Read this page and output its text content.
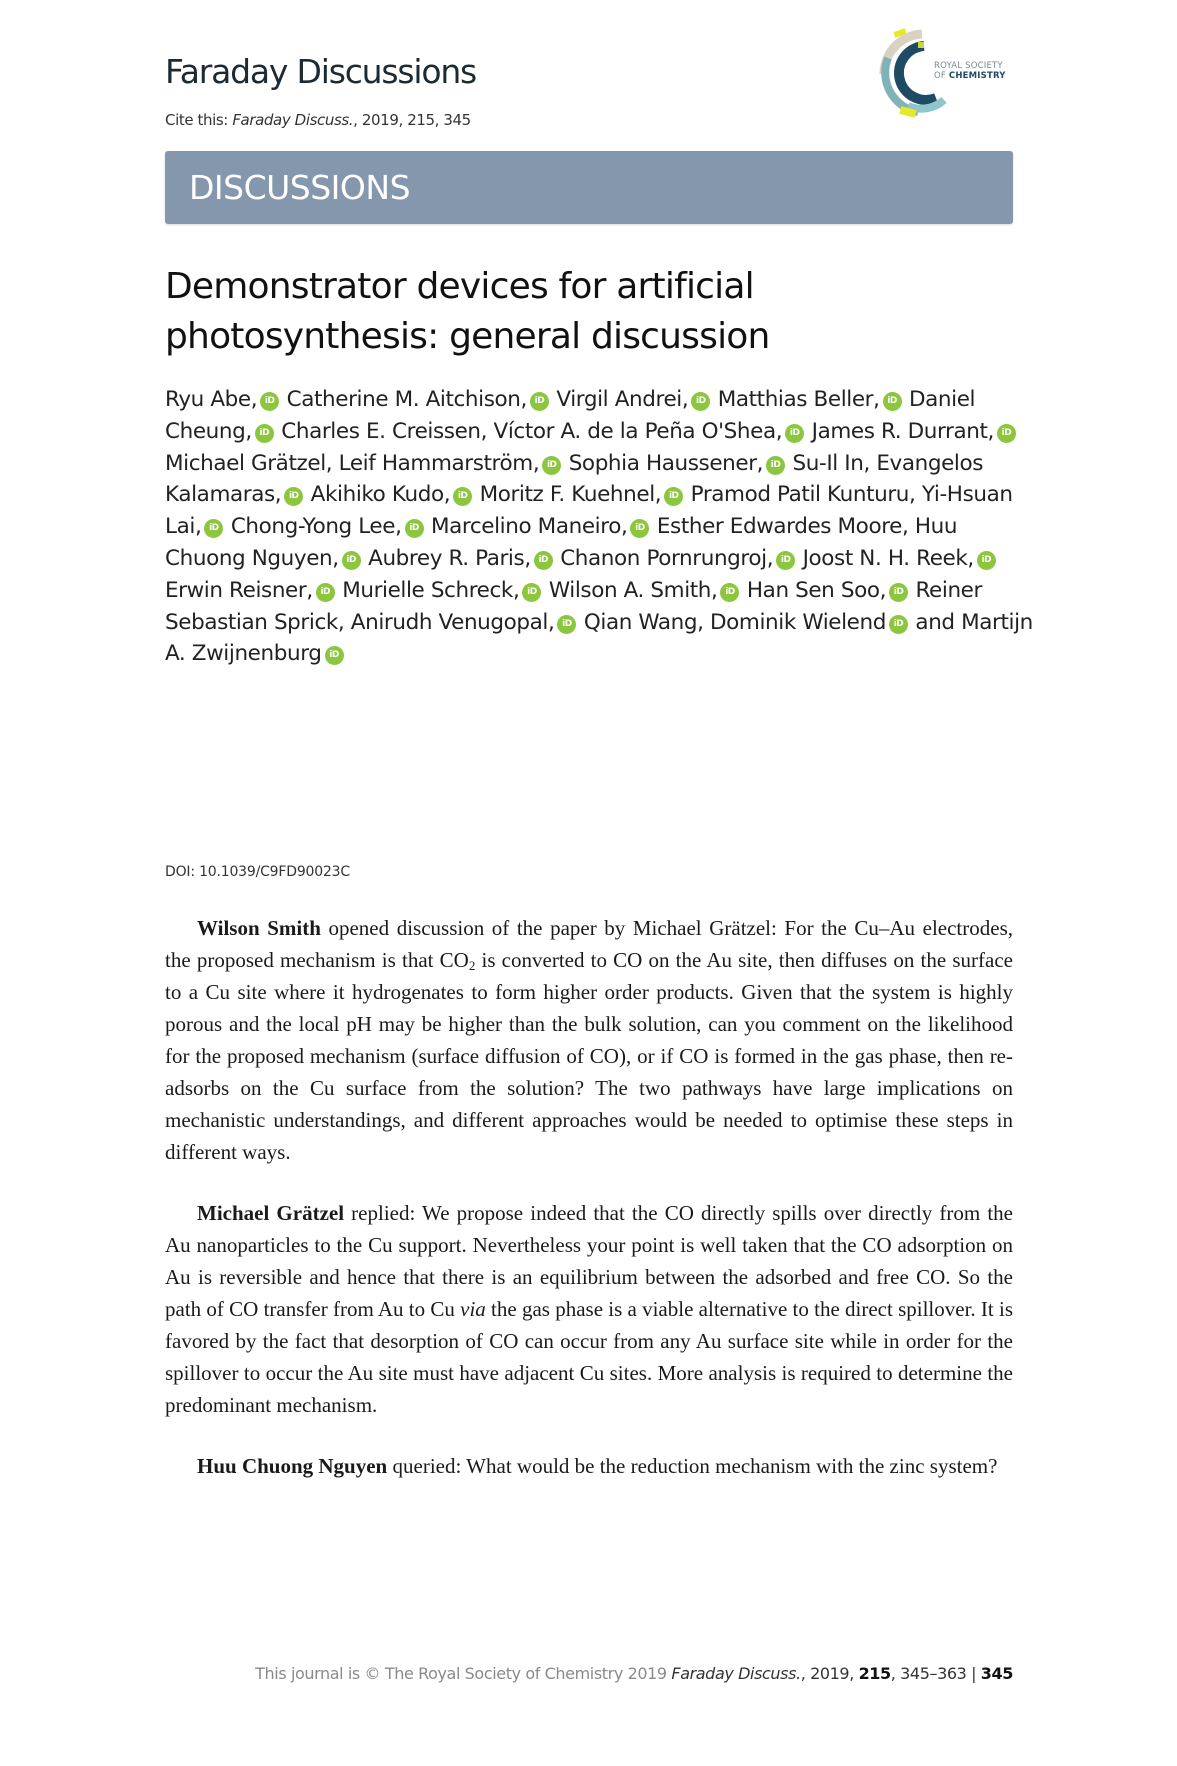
Faraday Discussions
Cite this: Faraday Discuss., 2019, 215, 345
ROYAL SOCIETY
OF CHEMISTRY
DISCUSSIONS
Demonstrator devices for artificial photosynthesis: general discussion
Ryu Abe, iD Catherine M. Aitchison, iD Virgil Andrei, iD Matthias Beller, iD Daniel Cheung, iD Charles E. Creissen, Víctor A. de la Peña O'Shea, iD James R. Durrant, iD Michael Grätzel, Leif Hammarström, iD Sophia Haussener, iD Su-Il In, Evangelos Kalamaras, iD Akihiko Kudo, iD Moritz F. Kuehnel, iD Pramod Patil Kunturu, Yi-Hsuan Lai, iD Chong-Yong Lee, iD Marcelino Maneiro, iD Esther Edwardes Moore, Huu Chuong Nguyen, iD Aubrey R. Paris, iD Chanon Pornrungroj, iD Joost N. H. Reek, iD Erwin Reisner, iD Murielle Schreck, iD Wilson A. Smith, iD Han Sen Soo, iD Reiner Sebastian Sprick, Anirudh Venugopal, iD Qian Wang, Dominik Wielend iD and Martijn A. Zwijnenburg iD
DOI: 10.1039/C9FD90023C

Wilson Smith opened discussion of the paper by Michael Grätzel: For the Cu–Au electrodes, the proposed mechanism is that $CO_2$ is converted to CO on the Au site, then diffuses on the surface to a Cu site where it hydrogenates to form higher order products. Given that the system is highly porous and the local pH may be higher than the bulk solution, can you comment on the likelihood for the proposed mechanism (surface diffusion of CO), or if CO is formed in the gas phase, then re-adsorbs on the Cu surface from the solution? The two pathways have large implications on mechanistic understandings, and different approaches would be needed to optimise these steps in different ways.

Michael Grätzel replied: We propose indeed that the CO directly spills over directly from the Au nanoparticles to the Cu support. Nevertheless your point is well taken that the CO adsorption on Au is reversible and hence that there is an equilibrium between the adsorbed and free CO. So the path of CO transfer from Au to Cu via the gas phase is a viable alternative to the direct spillover. It is favored by the fact that desorption of CO can occur from any Au surface site while in order for the spillover to occur the Au site must have adjacent Cu sites. More analysis is required to determine the predominant mechanism.

Huu Chuong Nguyen queried: What would be the reduction mechanism with the zinc system?

This journal is © The Royal Society of Chemistry 2019 Faraday Discuss., 2019, 215, 345–363 | 345
